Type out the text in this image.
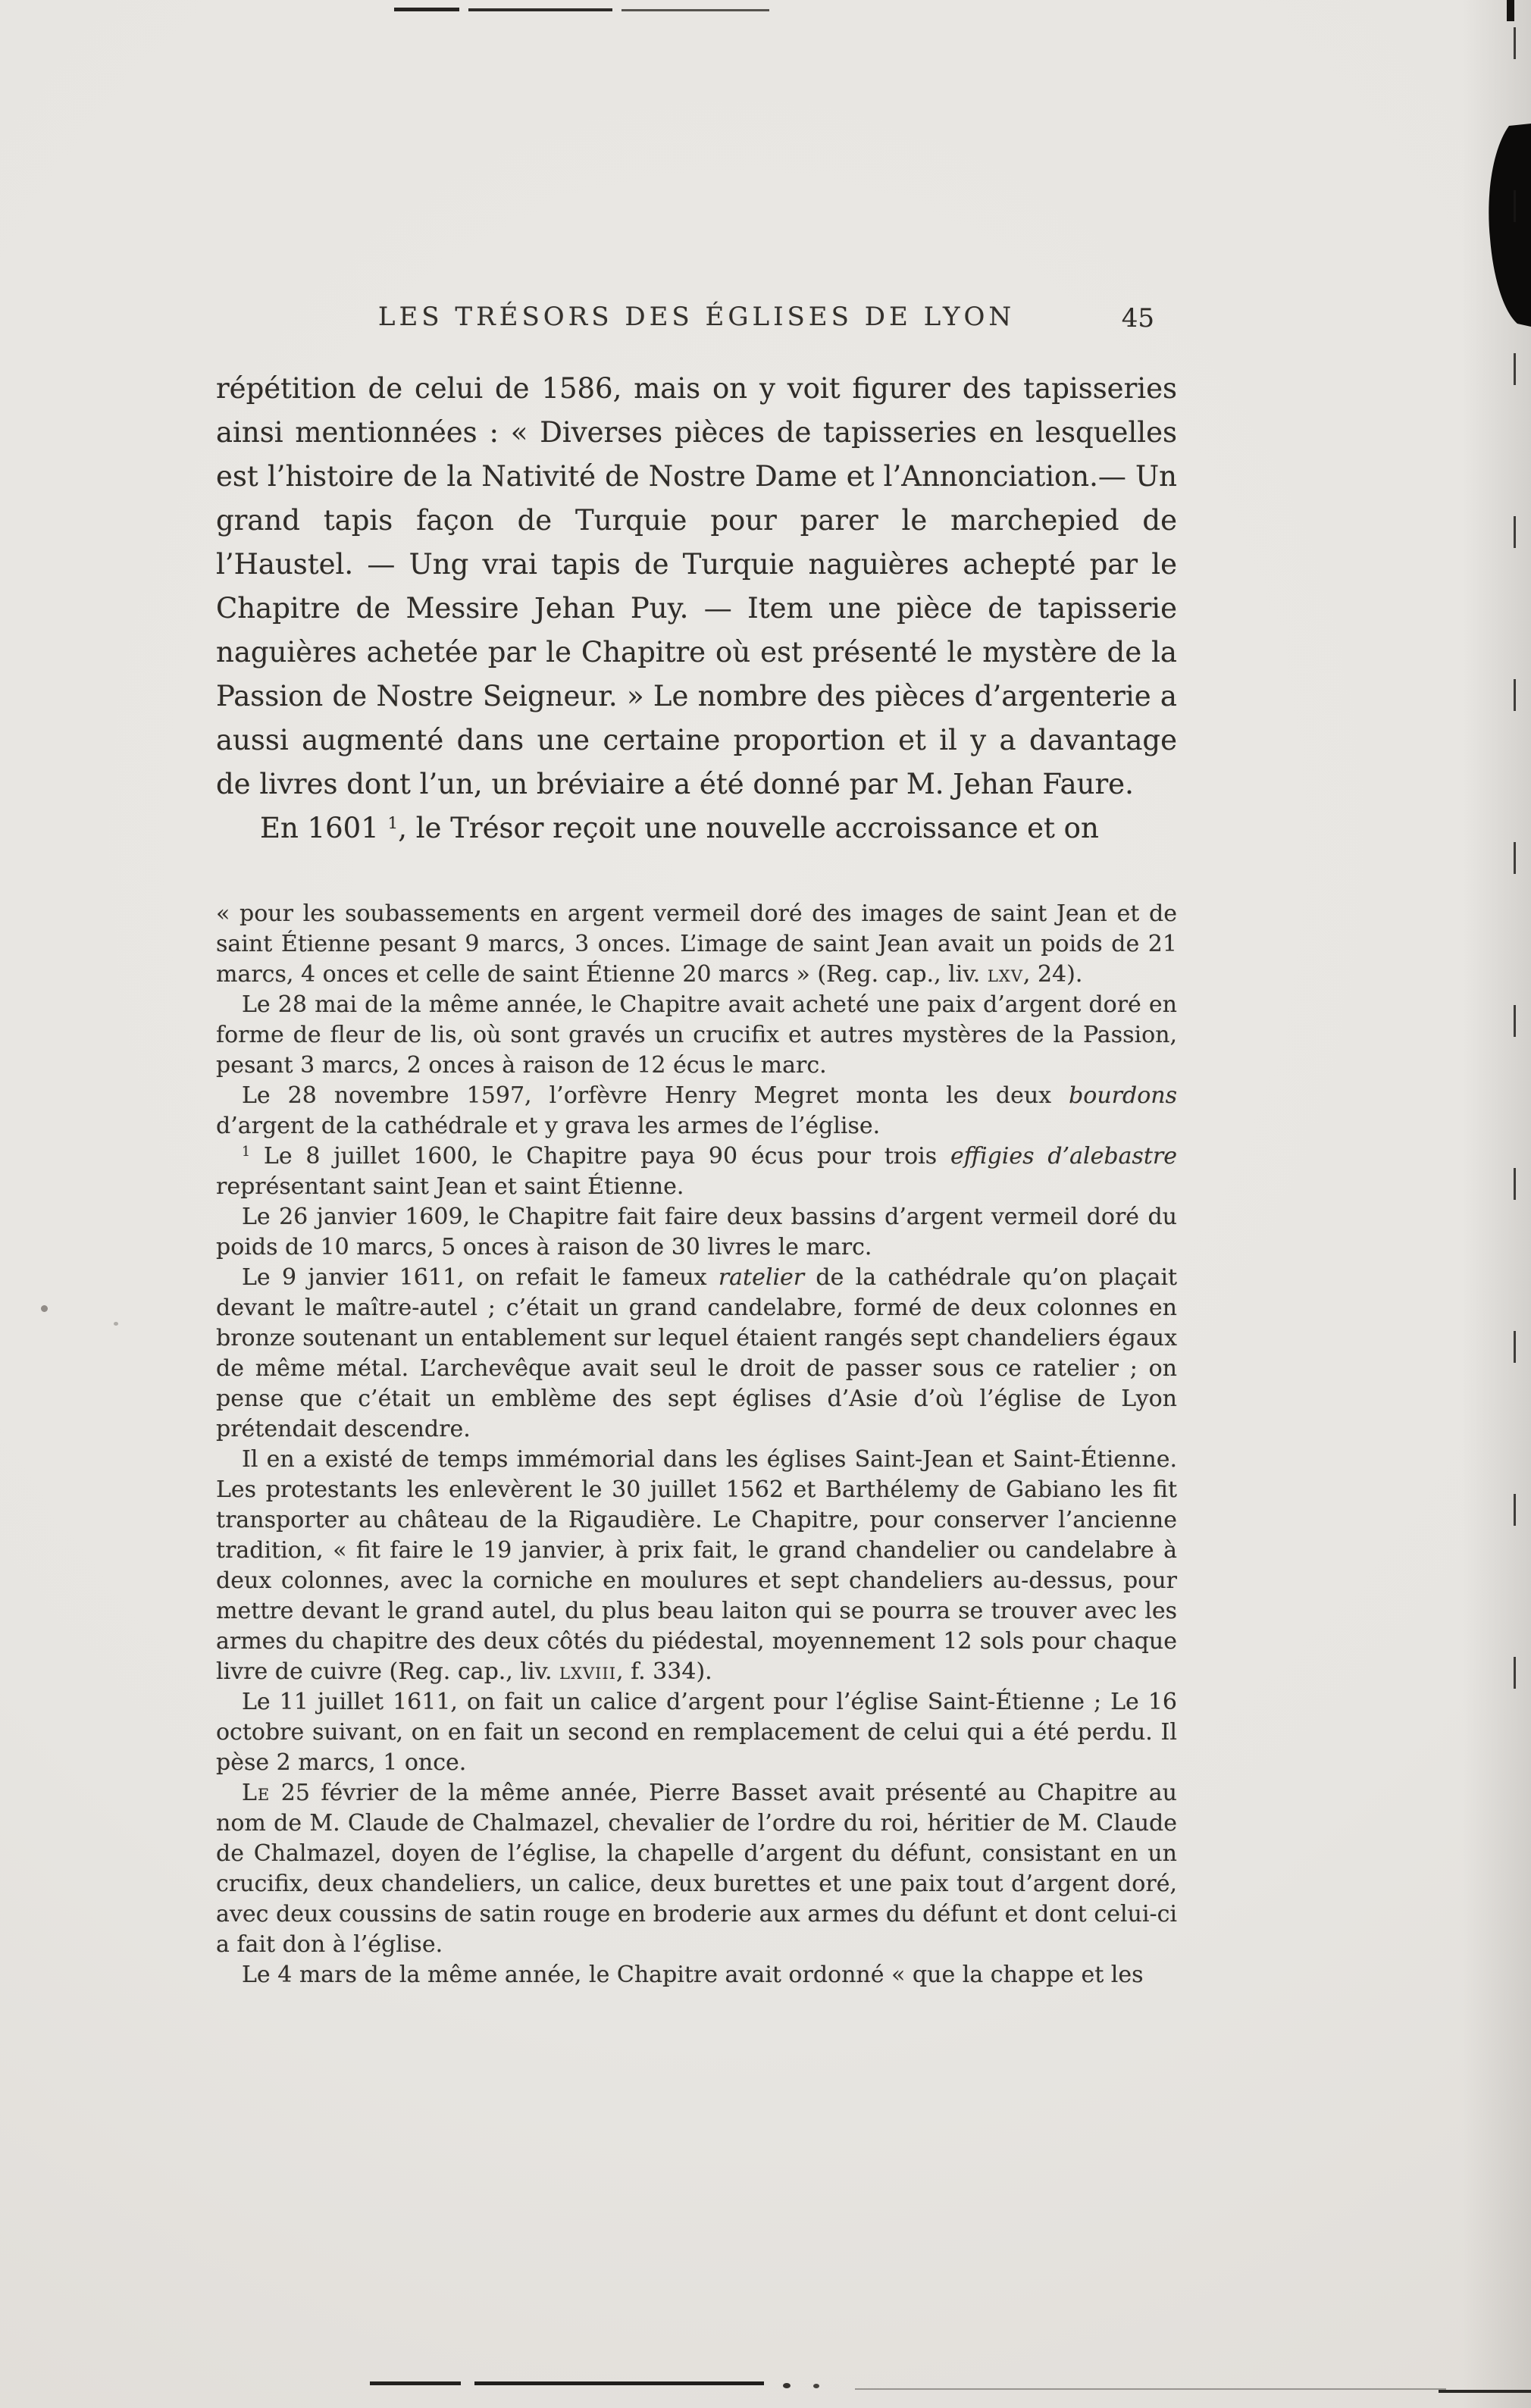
LES TRÉSORS DES ÉGLISES DE LYON	45

répétition de celui de 1586, mais on y voit figurer des tapisseries ainsi mentionnées : « Diverses pièces de tapisseries en lesquelles est l’histoire de la Nativité de Nostre Dame et l’Annonciation.— Un grand tapis façon de Turquie pour parer le marchepied de l’Haustel. — Ung vrai tapis de Turquie naguières achepté par le Chapitre de Messire Jehan Puy. — Item une pièce de tapisserie naguières achetée par le Chapitre où est présenté le mystère de la Passion de Nostre Seigneur. » Le nombre des pièces d’argenterie a aussi augmenté dans une certaine proportion et il y a davantage de livres dont l’un, un bréviaire a été donné par M. Jehan Faure.

En 1601 $^1$, le Trésor reçoit une nouvelle accroissance et on

« pour les soubassements en argent vermeil doré des images de saint Jean et de saint Étienne pesant 9 marcs, 3 onces. L’image de saint Jean avait un poids de 21 marcs, 4 onces et celle de saint Étienne 20 marcs » (Reg. cap., liv. lxv, 24).

Le 28 mai de la même année, le Chapitre avait acheté une paix d’argent doré en forme de fleur de lis, où sont gravés un crucifix et autres mystères de la Passion, pesant 3 marcs, 2 onces à raison de 12 écus le marc.

Le 28 novembre 1597, l’orfèvre Henry Megret monta les deux bourdons d’argent de la cathédrale et y grava les armes de l’église.

$^1$ Le 8 juillet 1600, le Chapitre paya 90 écus pour trois effigies d’alebastre représentant saint Jean et saint Étienne.

Le 26 janvier 1609, le Chapitre fait faire deux bassins d’argent vermeil doré du poids de 10 marcs, 5 onces à raison de 30 livres le marc.

Le 9 janvier 1611, on refait le fameux ratelier de la cathédrale qu’on plaçait devant le maître-autel ; c’était un grand candelabre, formé de deux colonnes en bronze soutenant un entablement sur lequel étaient rangés sept chandeliers égaux de même métal. L’archevêque avait seul le droit de passer sous ce ratelier ; on pense que c’était un emblème des sept églises d’Asie d’où l’église de Lyon prétendait descendre.

Il en a existé de temps immémorial dans les églises Saint-Jean et Saint-Étienne. Les protestants les enlevèrent le 30 juillet 1562 et Barthélemy de Gabiano les fit transporter au château de la Rigaudière. Le Chapitre, pour conserver l’ancienne tradition, « fit faire le 19 janvier, à prix fait, le grand chandelier ou candelabre à deux colonnes, avec la corniche en moulures et sept chandeliers au-dessus, pour mettre devant le grand autel, du plus beau laiton qui se pourra se trouver avec les armes du chapitre des deux côtés du piédestal, moyennement 12 sols pour chaque livre de cuivre (Reg. cap., liv. lxviii, f. 334).

Le 11 juillet 1611, on fait un calice d’argent pour l’église Saint-Étienne ; Le 16 octobre suivant, on en fait un second en remplacement de celui qui a été perdu. Il pèse 2 marcs, 1 once.

Le 25 février de la même année, Pierre Basset avait présenté au Chapitre au nom de M. Claude de Chalmazel, chevalier de l’ordre du roi, héritier de M. Claude de Chalmazel, doyen de l’église, la chapelle d’argent du défunt, consistant en un crucifix, deux chandeliers, un calice, deux burettes et une paix tout d’argent doré, avec deux coussins de satin rouge en broderie aux armes du défunt et dont celui-ci a fait don à l’église.

Le 4 mars de la même année, le Chapitre avait ordonné « que la chappe et les
